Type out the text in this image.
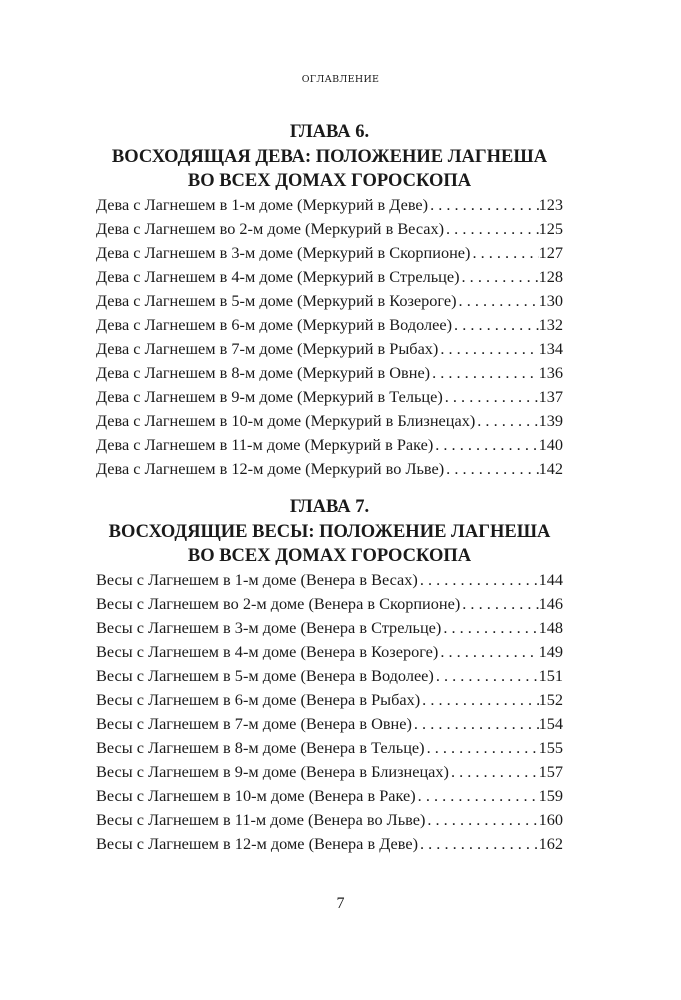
ОГЛАВЛЕНИЕ
ГЛАВА 6.
ВОСХОДЯЩАЯ ДЕВА: ПОЛОЖЕНИЕ ЛАГНЕША
ВО ВСЕХ ДОМАХ ГОРОСКОПА
Дева с Лагнешем в 1-м доме (Меркурий в Деве) . . .	123
Дева с Лагнешем во 2-м доме (Меркурий в Весах) . . .	125
Дева с Лагнешем в 3-м доме (Меркурий в Скорпионе) . . .	127
Дева с Лагнешем в 4-м доме (Меркурий в Стрельце) . . .	128
Дева с Лагнешем в 5-м доме (Меркурий в Козероге) . . .	130
Дева с Лагнешем в 6-м доме (Меркурий в Водолее) . . .	132
Дева с Лагнешем в 7-м доме (Меркурий в Рыбах) . . .	134
Дева с Лагнешем в 8-м доме (Меркурий в Овне) . . .	136
Дева с Лагнешем в 9-м доме (Меркурий в Тельце) . . .	137
Дева с Лагнешем в 10-м доме (Меркурий в Близнецах) . . .	139
Дева с Лагнешем в 11-м доме (Меркурий в Раке) . . .	140
Дева с Лагнешем в 12-м доме (Меркурий во Льве) . . .	142
ГЛАВА 7.
ВОСХОДЯЩИЕ ВЕСЫ: ПОЛОЖЕНИЕ ЛАГНЕША
ВО ВСЕХ ДОМАХ ГОРОСКОПА
Весы с Лагнешем в 1-м доме (Венера в Весах) . . .	144
Весы с Лагнешем во 2-м доме (Венера в Скорпионе) . . .	146
Весы с Лагнешем в 3-м доме (Венера в Стрельце) . . .	148
Весы с Лагнешем в 4-м доме (Венера в Козероге) . . .	149
Весы с Лагнешем в 5-м доме (Венера в Водолее) . . .	151
Весы с Лагнешем в 6-м доме (Венера в Рыбах) . . .	152
Весы с Лагнешем в 7-м доме (Венера в Овне) . . .	154
Весы с Лагнешем в 8-м доме (Венера в Тельце) . . .	155
Весы с Лагнешем в 9-м доме (Венера в Близнецах) . . .	157
Весы с Лагнешем в 10-м доме (Венера в Раке) . . .	159
Весы с Лагнешем в 11-м доме (Венера во Льве) . . .	160
Весы с Лагнешем в 12-м доме (Венера в Деве) . . .	162
7
